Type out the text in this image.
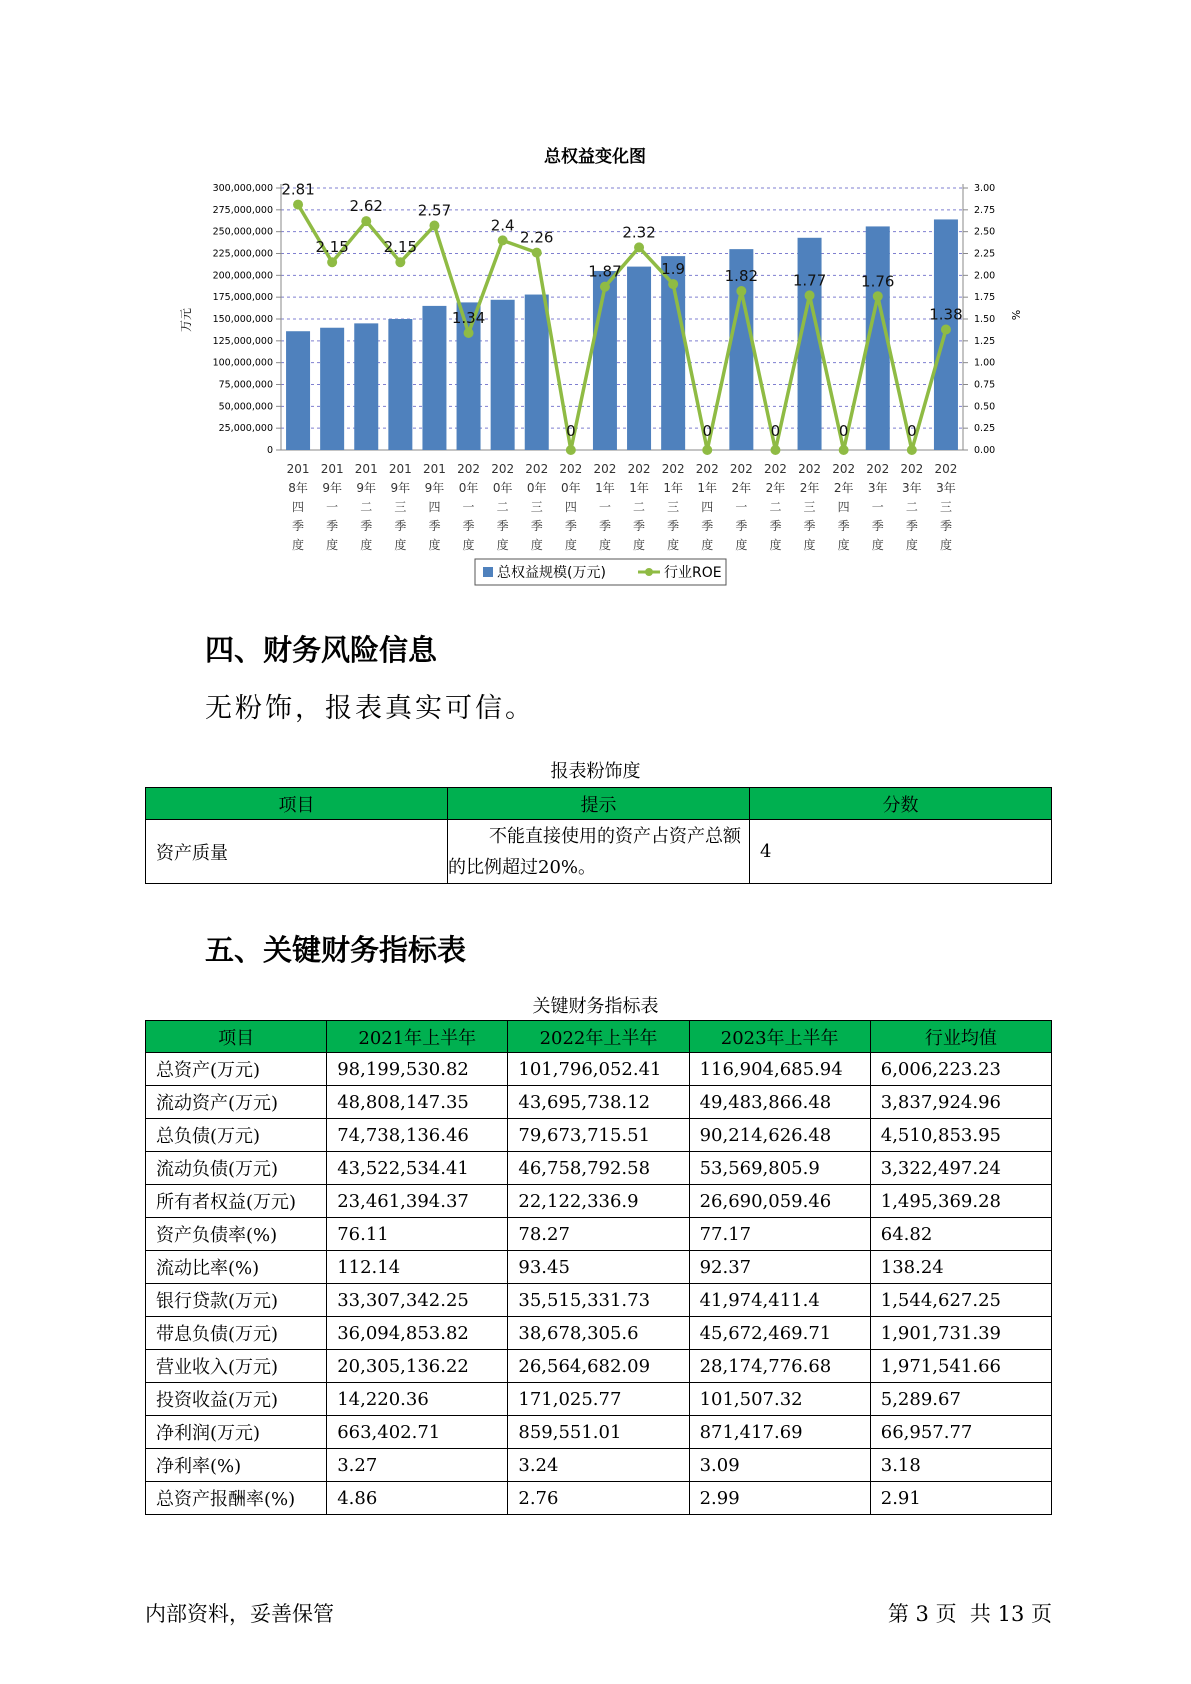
总权益变化图
0
25,000,000
50,000,000
75,000,000
100,000,000
125,000,000
150,000,000
175,000,000
200,000,000
225,000,000
250,000,000
275,000,000
300,000,000
0.00
0.25
0.50
0.75
1.00
1.25
1.50
1.75
2.00
2.25
2.50
2.75
3.00
万元	%
201
8年
四
季
度
201
9年
一
季
度
201
9年
二
季
度
201
9年
三
季
度
201
9年
四
季
度
202
0年
一
季
度
202
0年
二
季
度
202
0年
三
季
度
202
0年
四
季
度
202
1年
一
季
度
202
1年
二
季
度
202
1年
三
季
度
202
1年
四
季
度
202
2年
一
季
度
202
2年
二
季
度
202
2年
三
季
度
202
2年
四
季
度
202
3年
一
季
度
202
3年
二
季
度
202
3年
三
季
度
2.81
2.15
2.62
2.15
2.57
1.34
2.4
2.26
0
1.87
2.32
1.9
0
1.82
0
1.77
0
1.76
0
1.38
总权益规模(万元)	行业ROE
四、财务风险信息

无粉饰，报表真实可信。

报表粉饰度
项目	提示	分数
资产质量	不能直接使用的资产占资产总额
的比例超过20%。	4
五、关键财务指标表
关键财务指标表
项目	2021年上半年	2022年上半年	2023年上半年	行业均值
总资产(万元)	98,199,530.82	101,796,052.41	116,904,685.94	6,006,223.23
流动资产(万元)	48,808,147.35	43,695,738.12	49,483,866.48	3,837,924.96
总负债(万元)	74,738,136.46	79,673,715.51	90,214,626.48	4,510,853.95
流动负债(万元)	43,522,534.41	46,758,792.58	53,569,805.9	3,322,497.24
所有者权益(万元)	23,461,394.37	22,122,336.9	26,690,059.46	1,495,369.28
资产负债率(%)	76.11	78.27	77.17	64.82
流动比率(%)	112.14	93.45	92.37	138.24
银行贷款(万元)	33,307,342.25	35,515,331.73	41,974,411.4	1,544,627.25
带息负债(万元)	36,094,853.82	38,678,305.6	45,672,469.71	1,901,731.39
营业收入(万元)	20,305,136.22	26,564,682.09	28,174,776.68	1,971,541.66
投资收益(万元)	14,220.36	171,025.77	101,507.32	5,289.67
净利润(万元)	663,402.71	859,551.01	871,417.69	66,957.77
净利率(%)	3.27	3.24	3.09	3.18
总资产报酬率(%)	4.86	2.76	2.99	2.91
内部资料，妥善保管	第 3 页  共 13 页
